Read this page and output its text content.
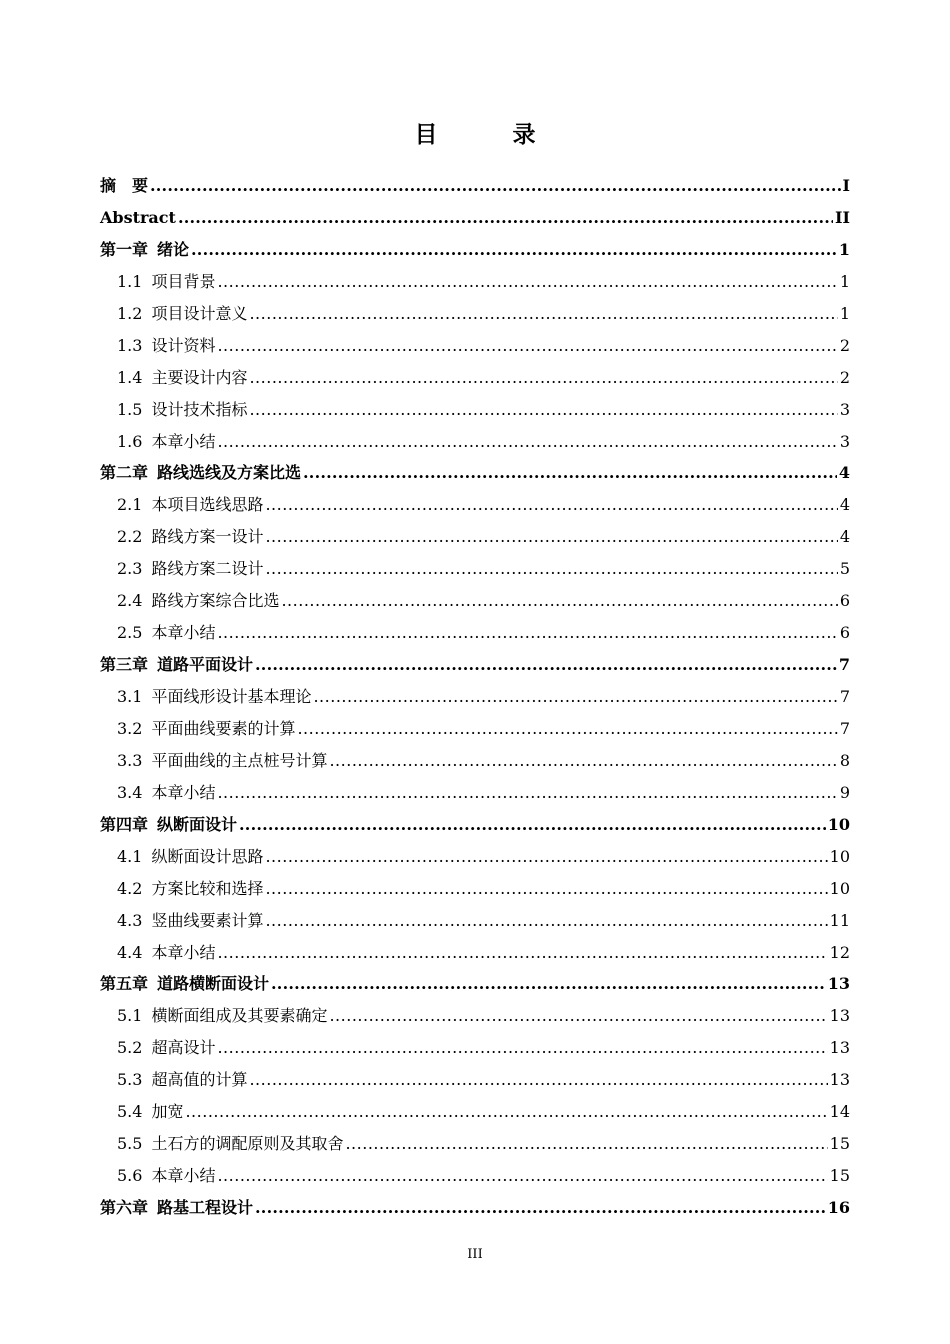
目　录
摘　要 .....	I
Abstract .....	II
第一章 绪论 .....	1
1.1 项目背景 .....	1
1.2 项目设计意义 .....	1
1.3 设计资料 .....	2
1.4 主要设计内容 .....	2
1.5 设计技术指标 .....	3
1.6 本章小结 .....	3
第二章 路线选线及方案比选 .....	4
2.1 本项目选线思路 .....	4
2.2 路线方案一设计 .....	4
2.3 路线方案二设计 .....	5
2.4 路线方案综合比选 .....	6
2.5 本章小结 .....	6
第三章 道路平面设计 .....	7
3.1 平面线形设计基本理论 .....	7
3.2 平面曲线要素的计算 .....	7
3.3 平面曲线的主点桩号计算 .....	8
3.4 本章小结 .....	9
第四章 纵断面设计 .....	10
4.1 纵断面设计思路 .....	10
4.2 方案比较和选择 .....	10
4.3 竖曲线要素计算 .....	11
4.4 本章小结 .....	12
第五章 道路横断面设计 .....	13
5.1 横断面组成及其要素确定 .....	13
5.2 超高设计 .....	13
5.3 超高值的计算 .....	13
5.4 加宽 .....	14
5.5 土石方的调配原则及其取舍 .....	15
5.6 本章小结 .....	15
第六章 路基工程设计 .....	16
III
